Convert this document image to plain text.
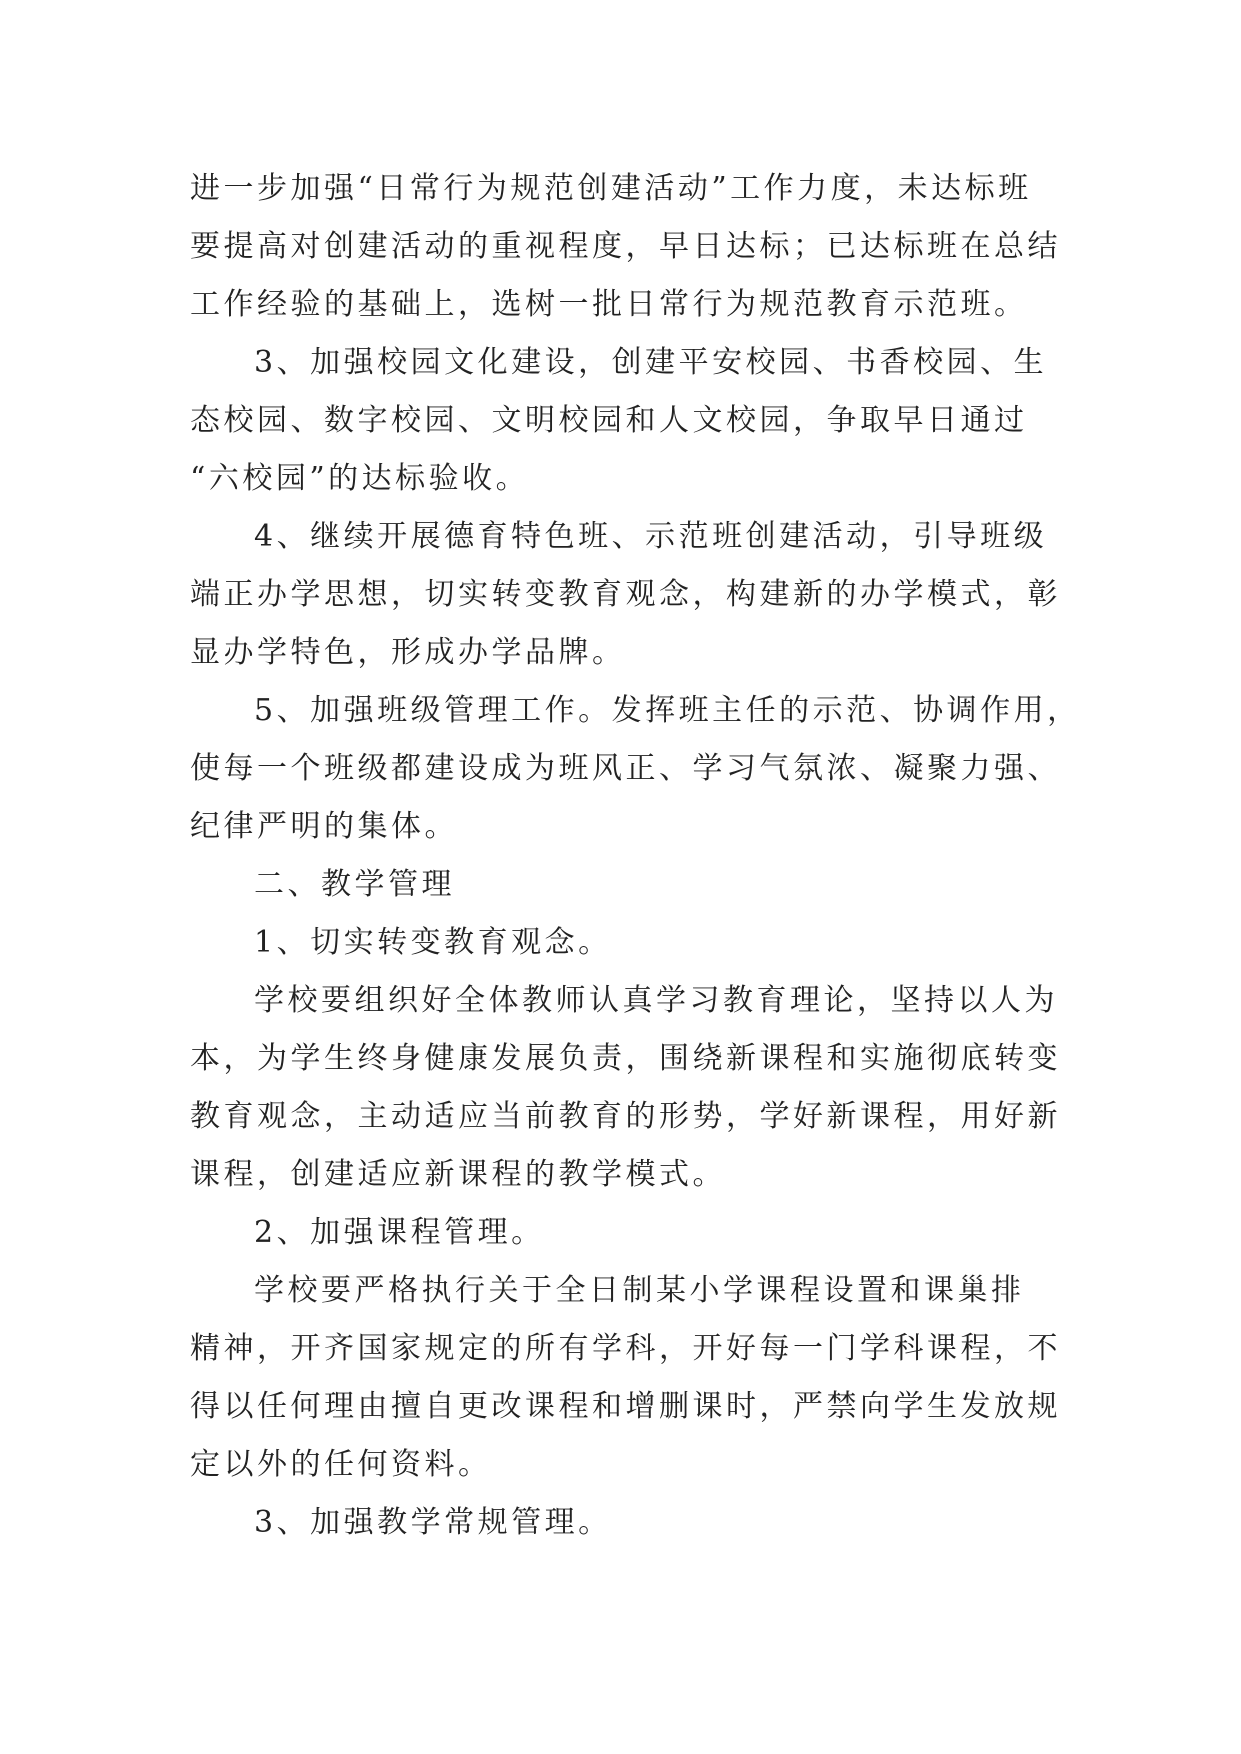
进一步加强“日常行为规范创建活动”工作力度，未达标班
要提高对创建活动的重视程度，早日达标；已达标班在总结
工作经验的基础上，选树一批日常行为规范教育示范班。
3、加强校园文化建设，创建平安校园、书香校园、生
态校园、数字校园、文明校园和人文校园，争取早日通过
“六校园”的达标验收。
4、继续开展德育特色班、示范班创建活动，引导班级
端正办学思想，切实转变教育观念，构建新的办学模式，彰
显办学特色，形成办学品牌。
5、加强班级管理工作。发挥班主任的示范、协调作用，
使每一个班级都建设成为班风正、学习气氛浓、凝聚力强、
纪律严明的集体。
二、教学管理
1、切实转变教育观念。
学校要组织好全体教师认真学习教育理论，坚持以人为
本，为学生终身健康发展负责，围绕新课程和实施彻底转变
教育观念，主动适应当前教育的形势，学好新课程，用好新
课程，创建适应新课程的教学模式。
2、加强课程管理。
学校要严格执行关于全日制某小学课程设置和课巢排
精神，开齐国家规定的所有学科，开好每一门学科课程，不
得以任何理由擅自更改课程和增删课时，严禁向学生发放规
定以外的任何资料。
3、加强教学常规管理。
